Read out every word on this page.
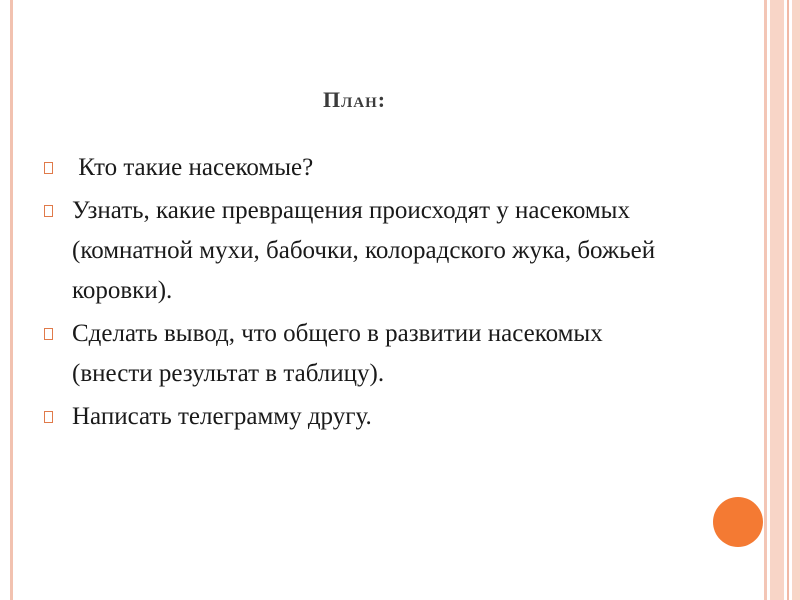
План:
Кто такие насекомые?
Узнать, какие превращения происходят у насекомых (комнатной мухи, бабочки, колорадского жука, божьей коровки).
Сделать вывод, что общего в развитии насекомых (внести результат в таблицу).
Написать телеграмму другу.
